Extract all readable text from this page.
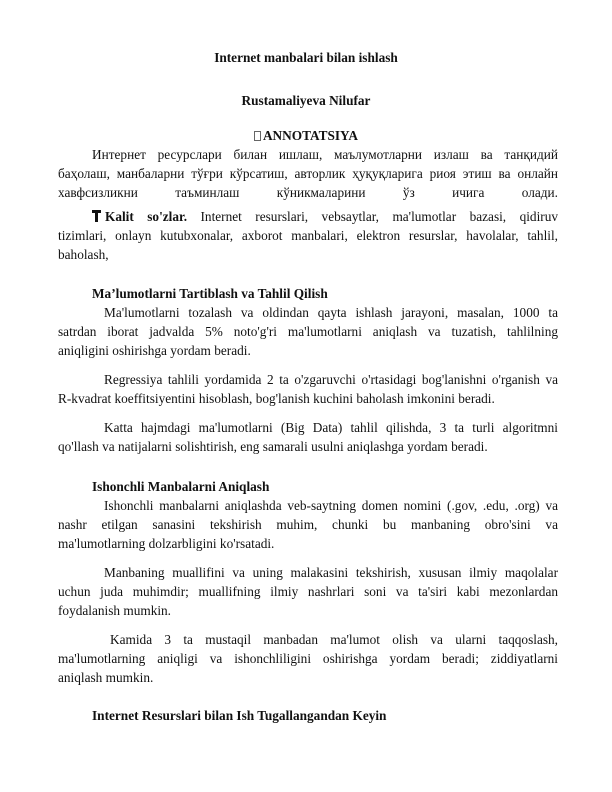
Internet manbalari bilan ishlash
Rustamaliyeva Nilufar
ANNOTATSIYA
Интернет ресурслари билан ишлаш, маълумотларни излаш ва танқидий
баҳолаш, манбаларни тўғри кўрсатиш, авторлик ҳуқуқларига риоя этиш ва онлайн
хавфсизликни таъминлаш кўникмаларини ўз ичига олади.
Kalit so'zlar. Internet resurslari, vebsaytlar, ma'lumotlar bazasi, qidiruv
tizimlari, onlayn kutubxonalar, axborot manbalari, elektron resurslar, havolalar, tahlil,
baholash,
Ma’lumotlarni Tartiblash va Tahlil Qilish
Ma'lumotlarni tozalash va oldindan qayta ishlash jarayoni, masalan, 1000 ta
satrdan iborat jadvalda 5% noto'g'ri ma'lumotlarni aniqlash va tuzatish, tahlilning
aniqligini oshirishga yordam beradi.
Regressiya tahlili yordamida 2 ta o'zgaruvchi o'rtasidagi bog'lanishni o'rganish va
R-kvadrat koeffitsiyentini hisoblash, bog'lanish kuchini baholash imkonini beradi.
Katta hajmdagi ma'lumotlarni (Big Data) tahlil qilishda, 3 ta turli algoritmni
qo'llash va natijalarni solishtirish, eng samarali usulni aniqlashga yordam beradi.
Ishonchli Manbalarni Aniqlash
Ishonchli manbalarni aniqlashda veb-saytning domen nomini (.gov, .edu, .org) va
nashr etilgan sanasini tekshirish muhim, chunki bu manbaning obro'sini va
ma'lumotlarning dolzarbligini ko'rsatadi.
Manbaning muallifini va uning malakasini tekshirish, xususan ilmiy maqolalar
uchun juda muhimdir; muallifning ilmiy nashrlari soni va ta'siri kabi mezonlardan
foydalanish mumkin.
Kamida 3 ta mustaqil manbadan ma'lumot olish va ularni taqqoslash,
ma'lumotlarning aniqligi va ishonchliligini oshirishga yordam beradi; ziddiyatlarni
aniqlash mumkin.
Internet Resurslari bilan Ish Tugallangandan Keyin
